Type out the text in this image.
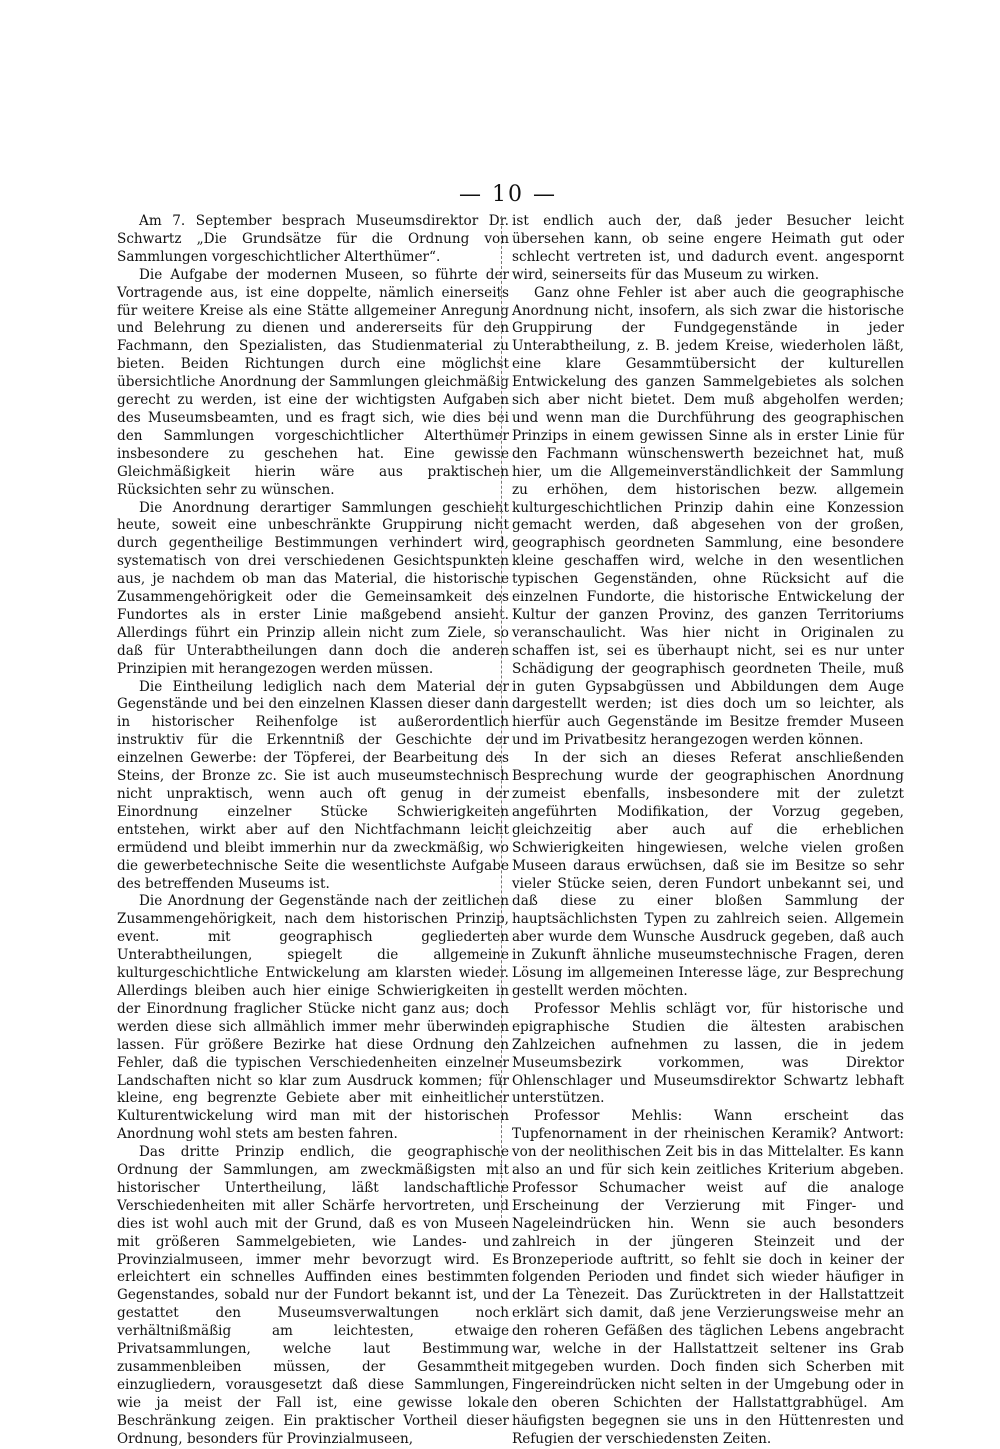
— 10 —

Am 7. September besprach Museumsdirektor Dr. Schwartz „Die Grundsätze für die Ordnung von Sammlungen vorgeschichtlicher Alterthümer“.

Die Aufgabe der modernen Museen, so führte der Vortragende aus, ist eine doppelte, nämlich einerseits für weitere Kreise als eine Stätte allgemeiner Anregung und Belehrung zu dienen und andererseits für den Fachmann, den Spezialisten, das Studienmaterial zu bieten. Beiden Richtungen durch eine möglichst übersichtliche Anordnung der Sammlungen gleichmäßig gerecht zu werden, ist eine der wichtigsten Aufgaben des Museumsbeamten, und es fragt sich, wie dies bei den Sammlungen vorgeschichtlicher Alterthümer insbesondere zu geschehen hat. Eine gewisse Gleichmäßigkeit hierin wäre aus praktischen Rücksichten sehr zu wünschen.

Die Anordnung derartiger Sammlungen geschieht heute, soweit eine unbeschränkte Gruppirung nicht durch gegentheilige Bestimmungen verhindert wird, systematisch von drei verschiedenen Gesichtspunkten aus, je nachdem ob man das Material, die historische Zusammengehörigkeit oder die Gemeinsamkeit des Fundortes als in erster Linie maßgebend ansieht. Allerdings führt ein Prinzip allein nicht zum Ziele, so daß für Unterabtheilungen dann doch die anderen Prinzipien mit herangezogen werden müssen.

Die Eintheilung lediglich nach dem Material der Gegenstände und bei den einzelnen Klassen dieser dann in historischer Reihenfolge ist außerordentlich instruktiv für die Erkenntniß der Geschichte der einzelnen Gewerbe: der Töpferei, der Bearbeitung des Steins, der Bronze zc. Sie ist auch museumstechnisch nicht unpraktisch, wenn auch oft genug in der Einordnung einzelner Stücke Schwierigkeiten entstehen, wirkt aber auf den Nichtfachmann leicht ermüdend und bleibt immerhin nur da zweckmäßig, wo die gewerbetechnische Seite die wesentlichste Aufgabe des betreffenden Museums ist.

Die Anordnung der Gegenstände nach der zeitlichen Zusammengehörigkeit, nach dem historischen Prinzip, event. mit geographisch gegliederten Unterabtheilungen, spiegelt die allgemeine kulturgeschichtliche Entwickelung am klarsten wieder. Allerdings bleiben auch hier einige Schwierigkeiten in der Einordnung fraglicher Stücke nicht ganz aus; doch werden diese sich allmählich immer mehr überwinden lassen. Für größere Bezirke hat diese Ordnung den Fehler, daß die typischen Verschiedenheiten einzelner Landschaften nicht so klar zum Ausdruck kommen; für kleine, eng begrenzte Gebiete aber mit einheitlicher Kulturentwickelung wird man mit der historischen Anordnung wohl stets am besten fahren.

Das dritte Prinzip endlich, die geographische Ordnung der Sammlungen, am zweckmäßigsten mit historischer Untertheilung, läßt landschaftliche Verschiedenheiten mit aller Schärfe hervortreten, und dies ist wohl auch mit der Grund, daß es von Museen mit größeren Sammelgebieten, wie Landes- und Provinzialmuseen, immer mehr bevorzugt wird. Es erleichtert ein schnelles Auffinden eines bestimmten Gegenstandes, sobald nur der Fundort bekannt ist, und gestattet den Museumsverwaltungen noch verhältnißmäßig am leichtesten, etwaige Privatsammlungen, welche laut Bestimmung zusammenbleiben müssen, der Gesammtheit einzugliedern, vorausgesetzt daß diese Sammlungen, wie ja meist der Fall ist, eine gewisse lokale Beschränkung zeigen. Ein praktischer Vortheil dieser Ordnung, besonders für Provinzialmuseen,

ist endlich auch der, daß jeder Besucher leicht übersehen kann, ob seine engere Heimath gut oder schlecht vertreten ist, und dadurch event. angespornt wird, seinerseits für das Museum zu wirken.

Ganz ohne Fehler ist aber auch die geographische Anordnung nicht, insofern, als sich zwar die historische Gruppirung der Fundgegenstände in jeder Unterabtheilung, z. B. jedem Kreise, wiederholen läßt, eine klare Gesammtübersicht der kulturellen Entwickelung des ganzen Sammelgebietes als solchen sich aber nicht bietet. Dem muß abgeholfen werden; und wenn man die Durchführung des geographischen Prinzips in einem gewissen Sinne als in erster Linie für den Fachmann wünschenswerth bezeichnet hat, muß hier, um die Allgemeinverständlichkeit der Sammlung zu erhöhen, dem historischen bezw. allgemein kulturgeschichtlichen Prinzip dahin eine Konzession gemacht werden, daß abgesehen von der großen, geographisch geordneten Sammlung, eine besondere kleine geschaffen wird, welche in den wesentlichen typischen Gegenständen, ohne Rücksicht auf die einzelnen Fundorte, die historische Entwickelung der Kultur der ganzen Provinz, des ganzen Territoriums veranschaulicht. Was hier nicht in Originalen zu schaffen ist, sei es überhaupt nicht, sei es nur unter Schädigung der geographisch geordneten Theile, muß in guten Gypsabgüssen und Abbildungen dem Auge dargestellt werden; ist dies doch um so leichter, als hierfür auch Gegenstände im Besitze fremder Museen und im Privatbesitz herangezogen werden können.

In der sich an dieses Referat anschließenden Besprechung wurde der geographischen Anordnung zumeist ebenfalls, insbesondere mit der zuletzt angeführten Modifikation, der Vorzug gegeben, gleichzeitig aber auch auf die erheblichen Schwierigkeiten hingewiesen, welche vielen großen Museen daraus erwüchsen, daß sie im Besitze so sehr vieler Stücke seien, deren Fundort unbekannt sei, und daß diese zu einer bloßen Sammlung der hauptsächlichsten Typen zu zahlreich seien. Allgemein aber wurde dem Wunsche Ausdruck gegeben, daß auch in Zukunft ähnliche museumstechnische Fragen, deren Lösung im allgemeinen Interesse läge, zur Besprechung gestellt werden möchten.

Professor Mehlis schlägt vor, für historische und epigraphische Studien die ältesten arabischen Zahlzeichen aufnehmen zu lassen, die in jedem Museumsbezirk vorkommen, was Direktor Ohlenschlager und Museumsdirektor Schwartz lebhaft unterstützen.

Professor Mehlis: Wann erscheint das Tupfenornament in der rheinischen Keramik? Antwort: von der neolithischen Zeit bis in das Mittelalter. Es kann also an und für sich kein zeitliches Kriterium abgeben. Professor Schumacher weist auf die analoge Erscheinung der Verzierung mit Finger- und Nageleindrücken hin. Wenn sie auch besonders zahlreich in der jüngeren Steinzeit und der Bronzeperiode auftritt, so fehlt sie doch in keiner der folgenden Perioden und findet sich wieder häufiger in der La Tènezeit. Das Zurücktreten in der Hallstattzeit erklärt sich damit, daß jene Verzierungsweise mehr an den roheren Gefäßen des täglichen Lebens angebracht war, welche in der Hallstattzeit seltener ins Grab mitgegeben wurden. Doch finden sich Scherben mit Fingereindrücken nicht selten in der Umgebung oder in den oberen Schichten der Hallstattgrabhügel. Am häufigsten begegnen sie uns in den Hüttenresten und Refugien der verschiedensten Zeiten.
